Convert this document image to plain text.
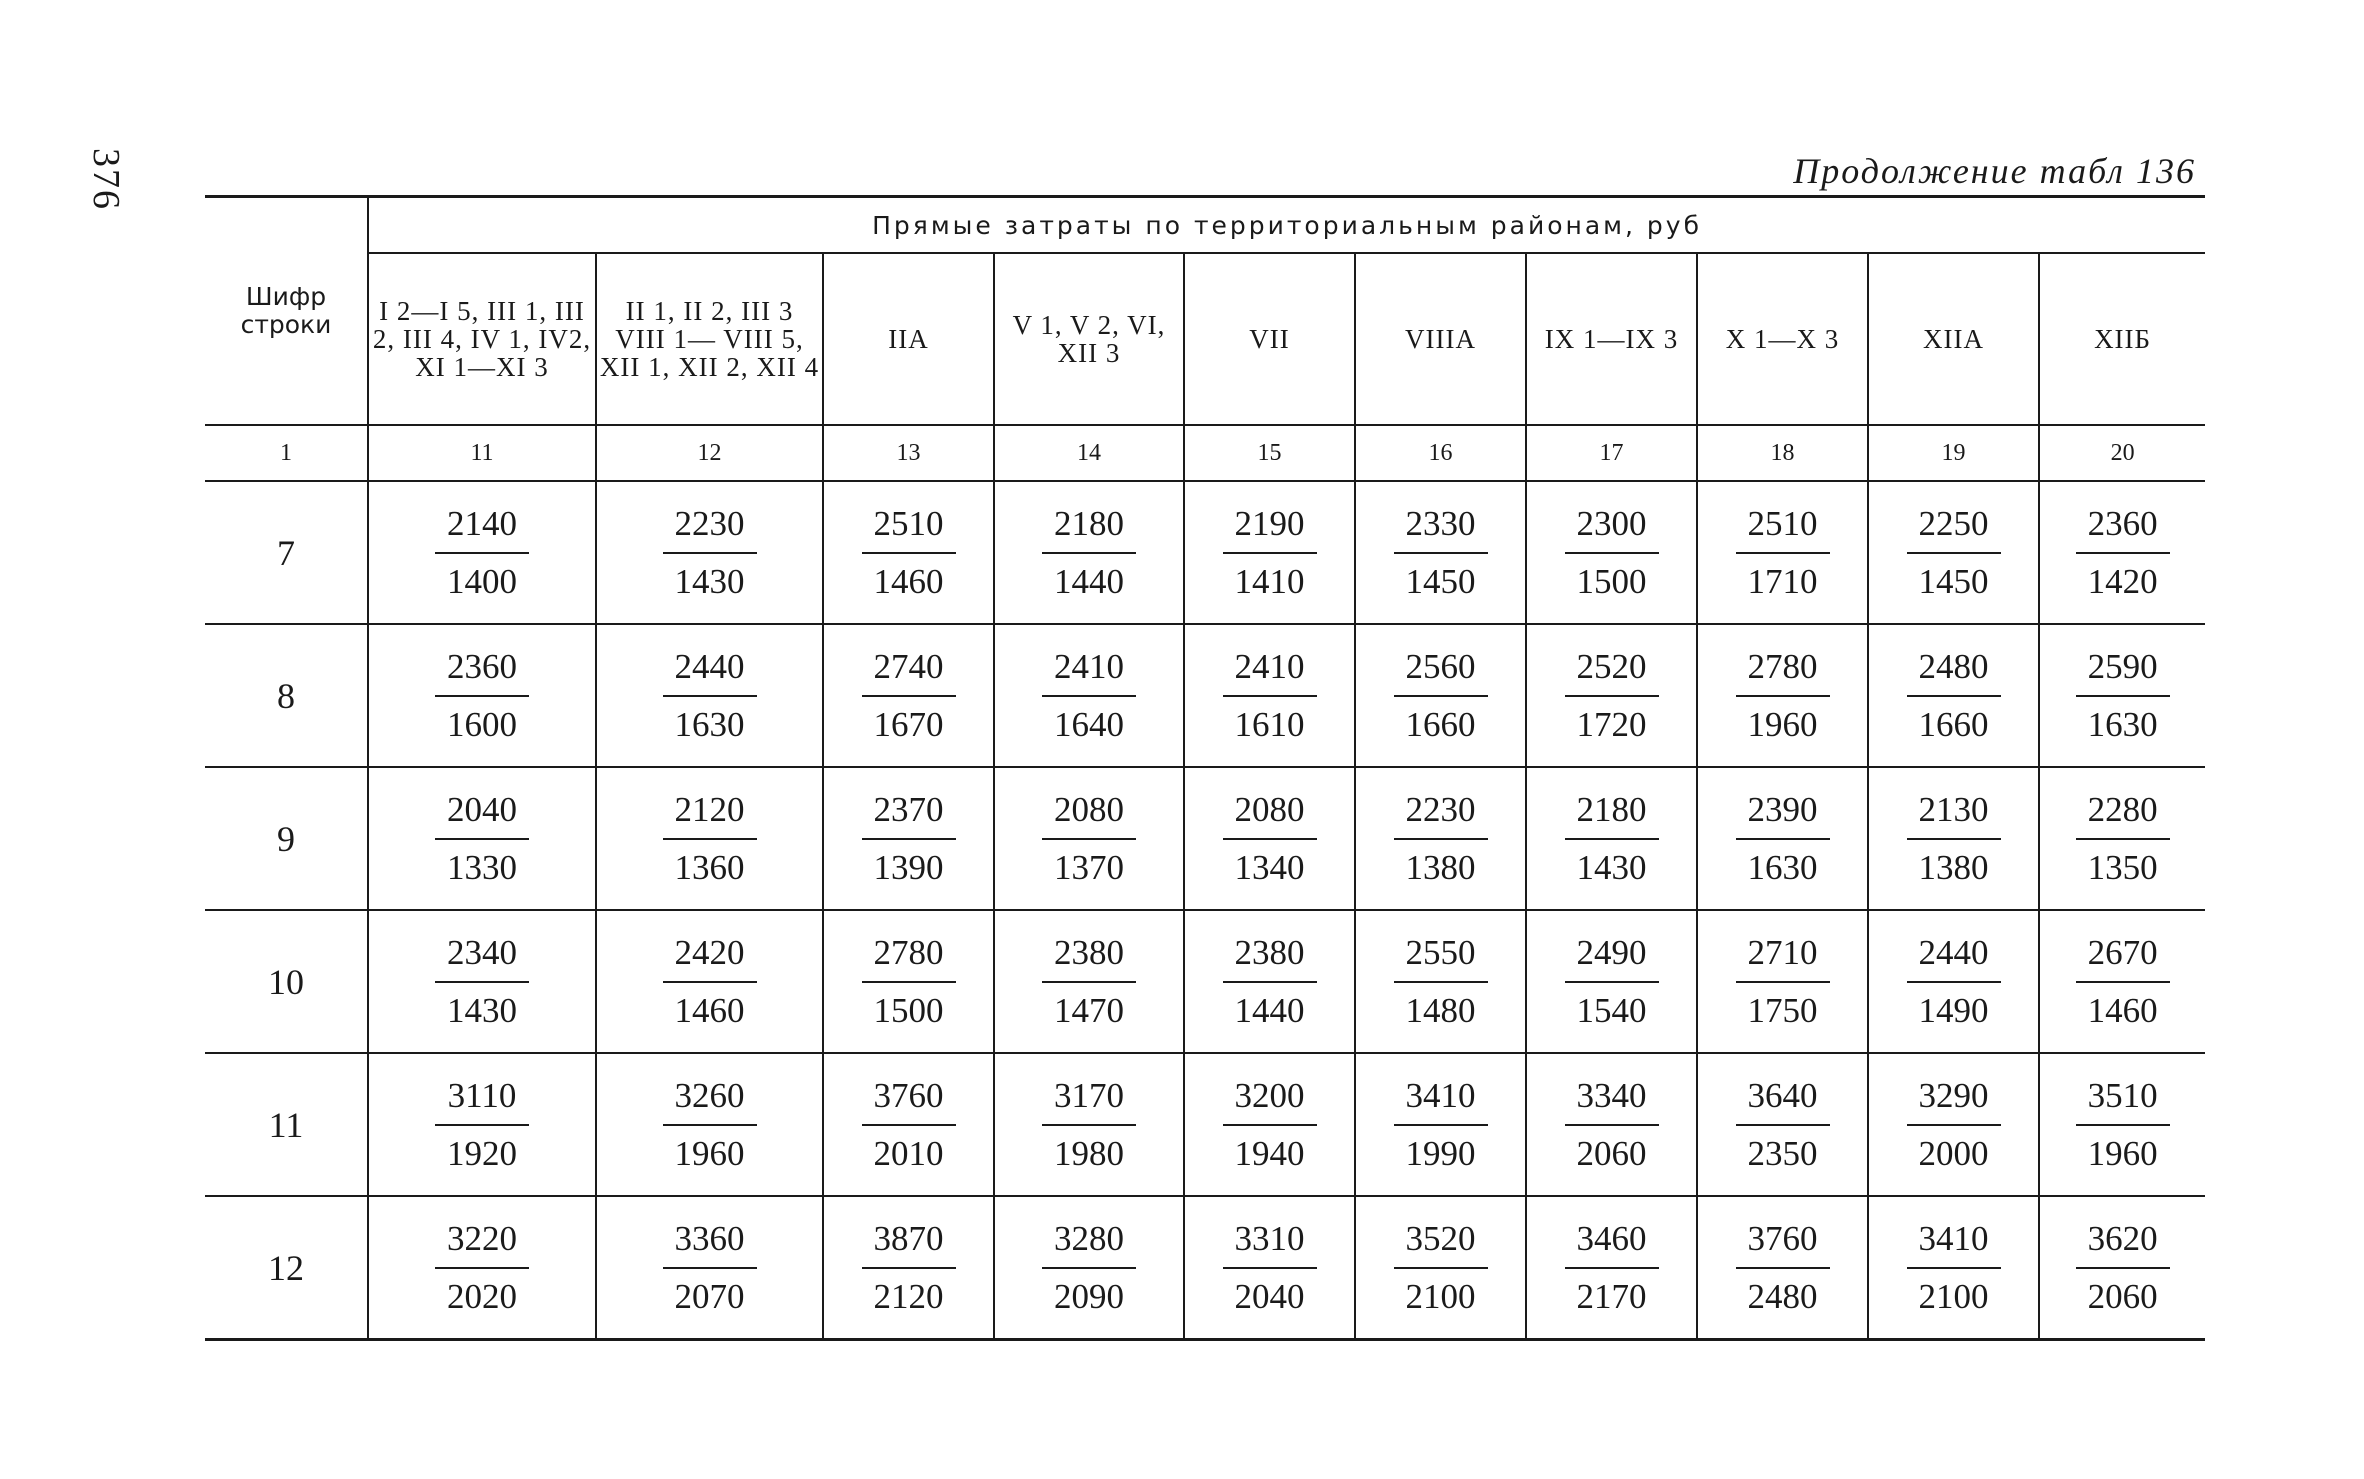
376	Продолжение табл 136
Шифр строки	Прямые затраты по территориальным районам, руб									
	I 2—I 5, III 1, III 2, III 4, IV 1, IV2, XI 1—XI 3	II 1, II 2, III 3 VIII 1— VIII 5, XII 1, XII 2, XII 4	IIA	V 1, V 2, VI, XII 3	VII	VIIIA	IX 1—IX 3	X 1—X 3	XIIA	XIIБ
1	11	12	13	14	15	16	17	18	19	20
7	$\frac{2140}{1400}$	$\frac{2230}{1430}$	$\frac{2510}{1460}$	$\frac{2180}{1440}$	$\frac{2190}{1410}$	$\frac{2330}{1450}$	$\frac{2300}{1500}$	$\frac{2510}{1710}$	$\frac{2250}{1450}$	$\frac{2360}{1420}$

8	$\frac{2360}{1600}$	$\frac{2440}{1630}$	$\frac{2740}{1670}$	$\frac{2410}{1640}$	$\frac{2410}{1610}$	$\frac{2560}{1660}$	$\frac{2520}{1720}$	$\frac{2780}{1960}$	$\frac{2480}{1660}$	$\frac{2590}{1630}$

9	$\frac{2040}{1330}$	$\frac{2120}{1360}$	$\frac{2370}{1390}$	$\frac{2080}{1370}$	$\frac{2080}{1340}$	$\frac{2230}{1380}$	$\frac{2180}{1430}$	$\frac{2390}{1630}$	$\frac{2130}{1380}$	$\frac{2280}{1350}$

10	$\frac{2340}{1430}$	$\frac{2420}{1460}$	$\frac{2780}{1500}$	$\frac{2380}{1470}$	$\frac{2380}{1440}$	$\frac{2550}{1480}$	$\frac{2490}{1540}$	$\frac{2710}{1750}$	$\frac{2440}{1490}$	$\frac{2670}{1460}$

11	$\frac{3110}{1920}$	$\frac{3260}{1960}$	$\frac{3760}{2010}$	$\frac{3170}{1980}$	$\frac{3200}{1940}$	$\frac{3410}{1990}$	$\frac{3340}{2060}$	$\frac{3640}{2350}$	$\frac{3290}{2000}$	$\frac{3510}{1960}$

12	$\frac{3220}{2020}$	$\frac{3360}{2070}$	$\frac{3870}{2120}$	$\frac{3280}{2090}$	$\frac{3310}{2040}$	$\frac{3520}{2100}$	$\frac{3460}{2170}$	$\frac{3760}{2480}$	$\frac{3410}{2100}$	$\frac{3620}{2060}$
